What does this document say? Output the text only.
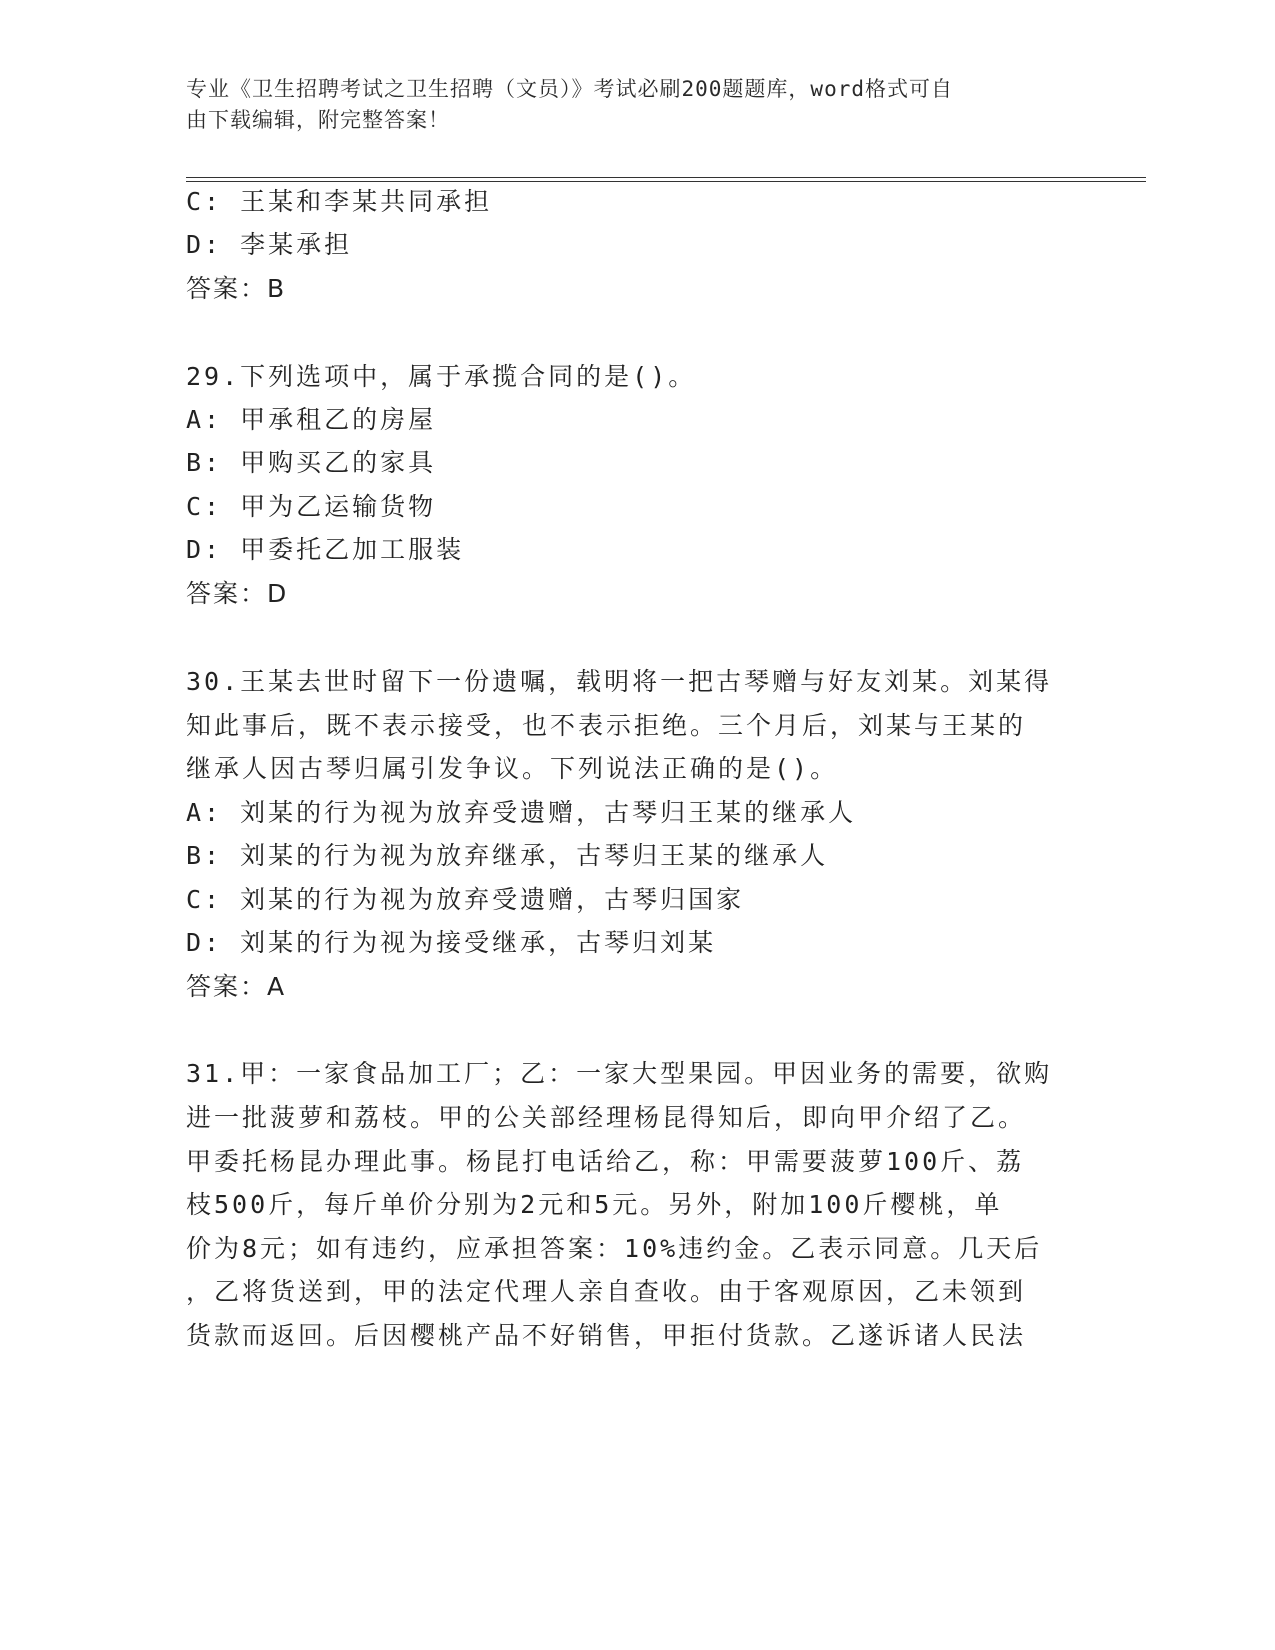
专业《卫生招聘考试之卫生招聘（文员）》考试必刷200题题库，word格式可自
由下载编辑，附完整答案！
C: 王某和李某共同承担
D: 李某承担
答案：B
29.下列选项中，属于承揽合同的是()。
A: 甲承租乙的房屋
B: 甲购买乙的家具
C: 甲为乙运输货物
D: 甲委托乙加工服装
答案：D
30.王某去世时留下一份遗嘱，载明将一把古琴赠与好友刘某。刘某得
知此事后，既不表示接受，也不表示拒绝。三个月后，刘某与王某的
继承人因古琴归属引发争议。下列说法正确的是()。
A: 刘某的行为视为放弃受遗赠，古琴归王某的继承人
B: 刘某的行为视为放弃继承，古琴归王某的继承人
C: 刘某的行为视为放弃受遗赠，古琴归国家
D: 刘某的行为视为接受继承，古琴归刘某
答案：A
31.甲：一家食品加工厂；乙：一家大型果园。甲因业务的需要，欲购
进一批菠萝和荔枝。甲的公关部经理杨昆得知后，即向甲介绍了乙。
甲委托杨昆办理此事。杨昆打电话给乙，称：甲需要菠萝100斤、荔
枝500斤，每斤单价分别为2元和5元。另外，附加100斤樱桃，单
价为8元；如有违约，应承担答案：10%违约金。乙表示同意。几天后
，乙将货送到，甲的法定代理人亲自查收。由于客观原因，乙未领到
货款而返回。后因樱桃产品不好销售，甲拒付货款。乙遂诉诸人民法
